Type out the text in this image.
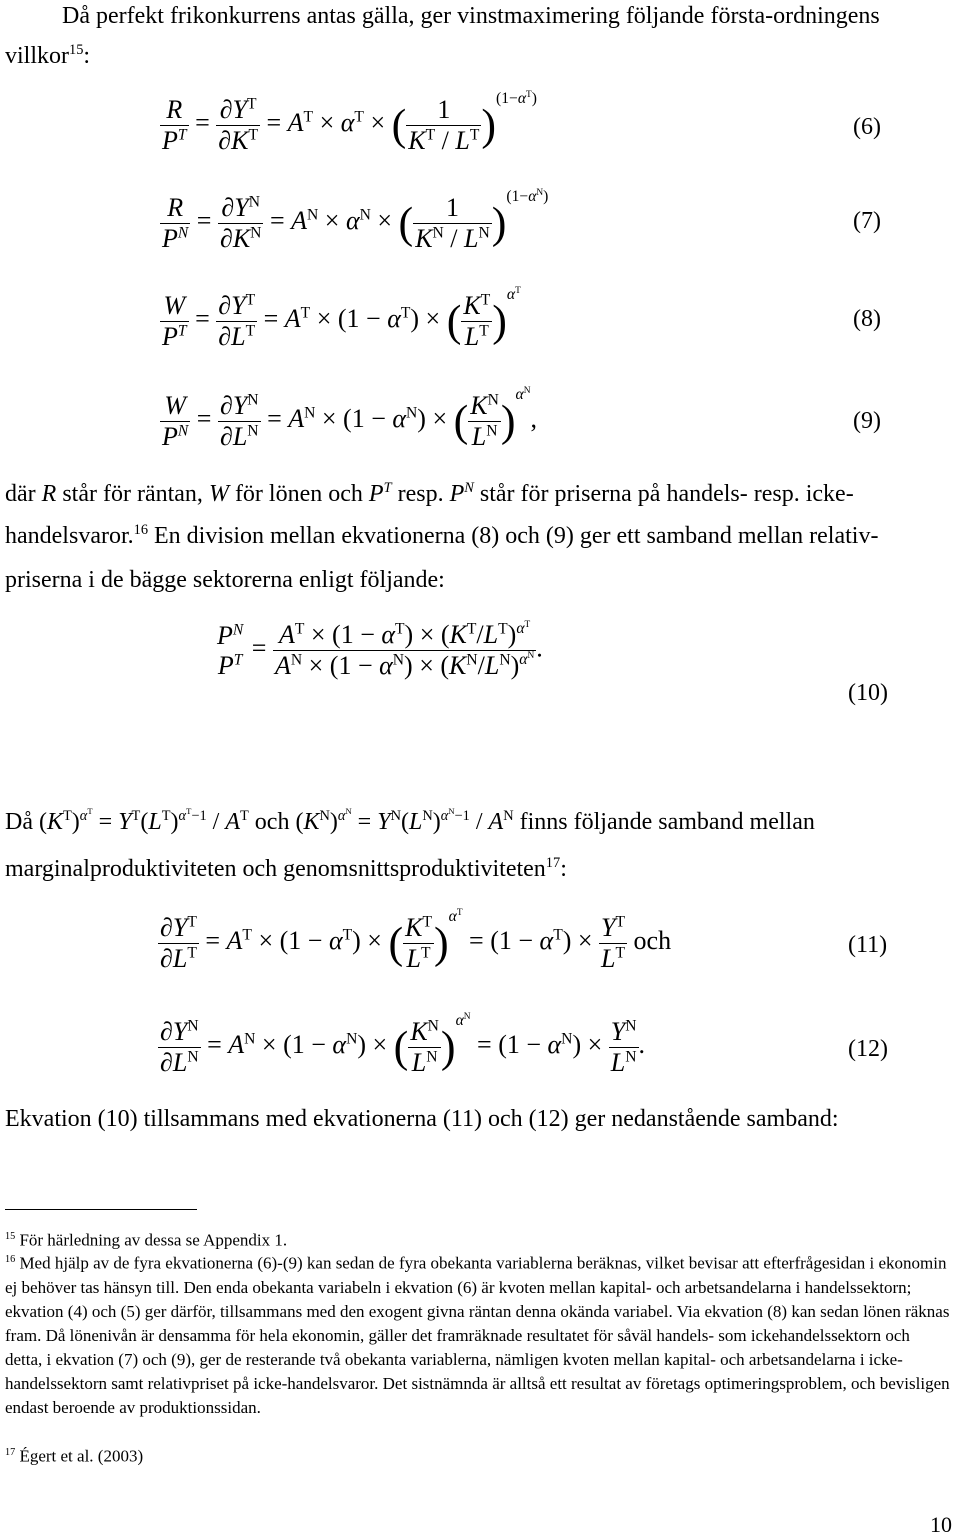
Då perfekt frikonkurrens antas gälla, ger vinstmaximering följande första-ordningens
villkor$^{15}$:
$\frac{R}{P^T} = \frac{\partial Y^T}{\partial K^T} = A^T \times \alpha^T$ × ( $\frac{1}{K^T / L^T} )^{(1-\alpha^T)}$
(6)
$\frac{R}{P^N} = \frac{\partial Y^N}{\partial K^N} = A^N \times \alpha^N$ × ( $\frac{1}{K^N / L^N} )^{(1-\alpha^N)}$
(7)
$\frac{W}{P^T} = \frac{\partial Y^T}{\partial L^T} = A^T \times (1 - \alpha^T)$ × ( $\frac{K^T}{L^T} )^{\alpha^T}$
(8)
$\frac{W}{P^N} = \frac{\partial Y^N}{\partial L^N} = A^N \times (1 - \alpha^N)$ × ( $\frac{K^N}{L^N} )^{\alpha^N}$,	(9)
där R står för räntan, W för lönen och $P^T$ resp. $P^N$ står för priserna på handels- resp. icke-
handelsvaror.$^{16}$ En division mellan ekvationerna (8) och (9) ger ett samband mellan relativ-
priserna i de bägge sektorerna enligt följande:
$P^N$
$P^T = \frac{A^T \times (1 - \alpha^T) \times (K^T/L^T)^{\alpha^T}}{A^N \times (1 - \alpha^N) \times (K^N/L^N)^{\alpha^N}}$ .
(10)
Då $(K^T)^{\alpha^T} = Y^T(L^T)^{\alpha^T-1} / A^T$ och $(K^N)^{\alpha^N} = Y^N(L^N)^{\alpha^N-1} / A^N$ finns följande samband mellan
marginalproduktiviteten och genomsnittsproduktiviteten$^{17}$:
$\frac{\partial Y^T}{\partial L^T} = A^T \times (1 - \alpha^T)$ × ( $\frac{K^T}{L^T} )^{\alpha^T} = (1 - \alpha^T) \times \frac{Y^T}{L^T}$ och	(11)
$\frac{\partial Y^N}{\partial L^N} = A^N \times (1 - \alpha^N)$ × ( $\frac{K^N}{L^N} )^{\alpha^N} = (1 - \alpha^N) \times \frac{Y^N}{L^N}$ .	(12)
Ekvation (10) tillsammans med ekvationerna (11) och (12) ger nedanstående samband:
$^{15}$ För härledning av dessa se Appendix 1.
$^{16}$ Med hjälp av de fyra ekvationerna (6)-(9) kan sedan de fyra obekanta variablerna beräknas, vilket bevisar att efterfrågesidan i ekonomin ej behöver tas hänsyn till. Den enda obekanta variabeln i ekvation (6) är kvoten mellan kapital- och arbetsandelarna i handelssektorn; ekvation (4) och (5) ger därför, tillsammans med den exogent givna räntan denna okända variabel. Via ekvation (8) kan sedan lönen räknas fram. Då lönenivån är densamma för hela ekonomin, gäller det framräknade resultatet för såväl handels- som ickehandelssektorn och detta, i ekvation (7) och (9), ger de resterande två obekanta variablerna, nämligen kvoten mellan kapital- och arbetsandelarna i icke-handelssektorn samt relativpriset på icke-handelsvaror. Det sistnämnda är alltså ett resultat av företags optimeringsproblem, och bevisligen endast beroende av produktionssidan.
$^{17}$ Égert et al. (2003)
10
